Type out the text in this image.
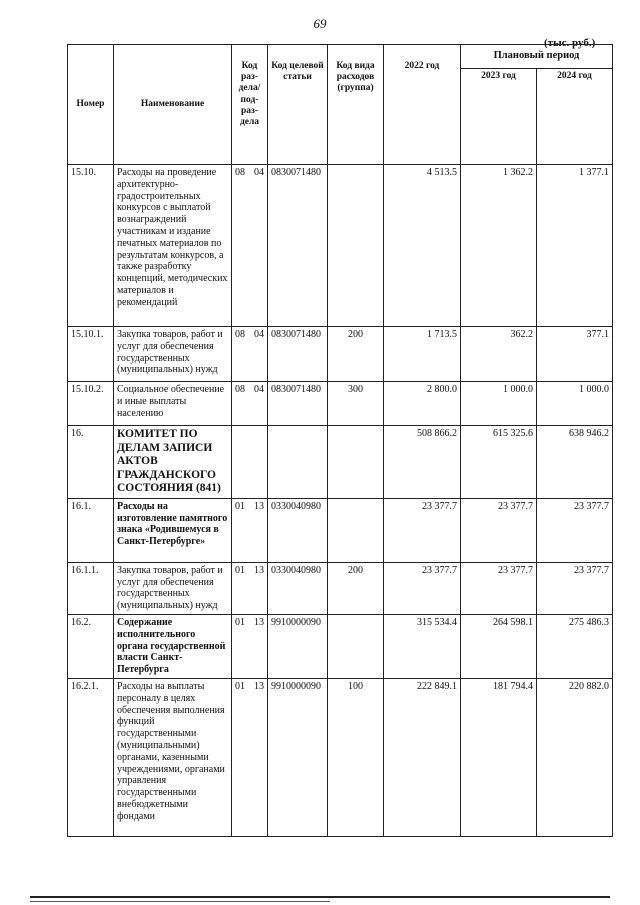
69
(тыс. руб.)
Номер	Наименование	Код раз- дела/ под- раз- дела	Код целевой статьи	Код вида расходов (группа)	2022 год	Плановый период	
						2023 год	2024 год
15.10.	Расходы на проведение архитектурно-градостроительных конкурсов с выплатой вознаграждений участникам и издание печатных материалов по результатам конкурсов, а также разработку концепций, методических материалов и рекомендаций	08 04	0830071480		4 513.5	1 362.2	1 377.1
15.10.1.	Закупка товаров, работ и услуг для обеспечения государственных (муниципальных) нужд	08 04	0830071480	200	1 713.5	362.2	377.1
15.10.2.	Социальное обеспечение и иные выплаты населению	08 04	0830071480	300	2 800.0	1 000.0	1 000.0
16.	КОМИТЕТ ПО ДЕЛАМ ЗАПИСИ АКТОВ ГРАЖДАНСКОГО СОСТОЯНИЯ (841)				508 866.2	615 325.6	638 946.2
16.1.	Расходы на изготовление памятного знака «Родившемуся в Санкт-Петербурге»	01 13	0330040980		23 377.7	23 377.7	23 377.7
16.1.1.	Закупка товаров, работ и услуг для обеспечения государственных (муниципальных) нужд	01 13	0330040980	200	23 377.7	23 377.7	23 377.7
16.2.	Содержание исполнительного органа государственной власти Санкт-Петербурга	01 13	9910000090		315 534.4	264 598.1	275 486.3
16.2.1.	Расходы на выплаты персоналу в целях обеспечения выполнения функций государственными (муниципальными) органами, казенными учреждениями, органами управления государственными внебюджетными фондами	01 13	9910000090	100	222 849.1	181 794.4	220 882.0
